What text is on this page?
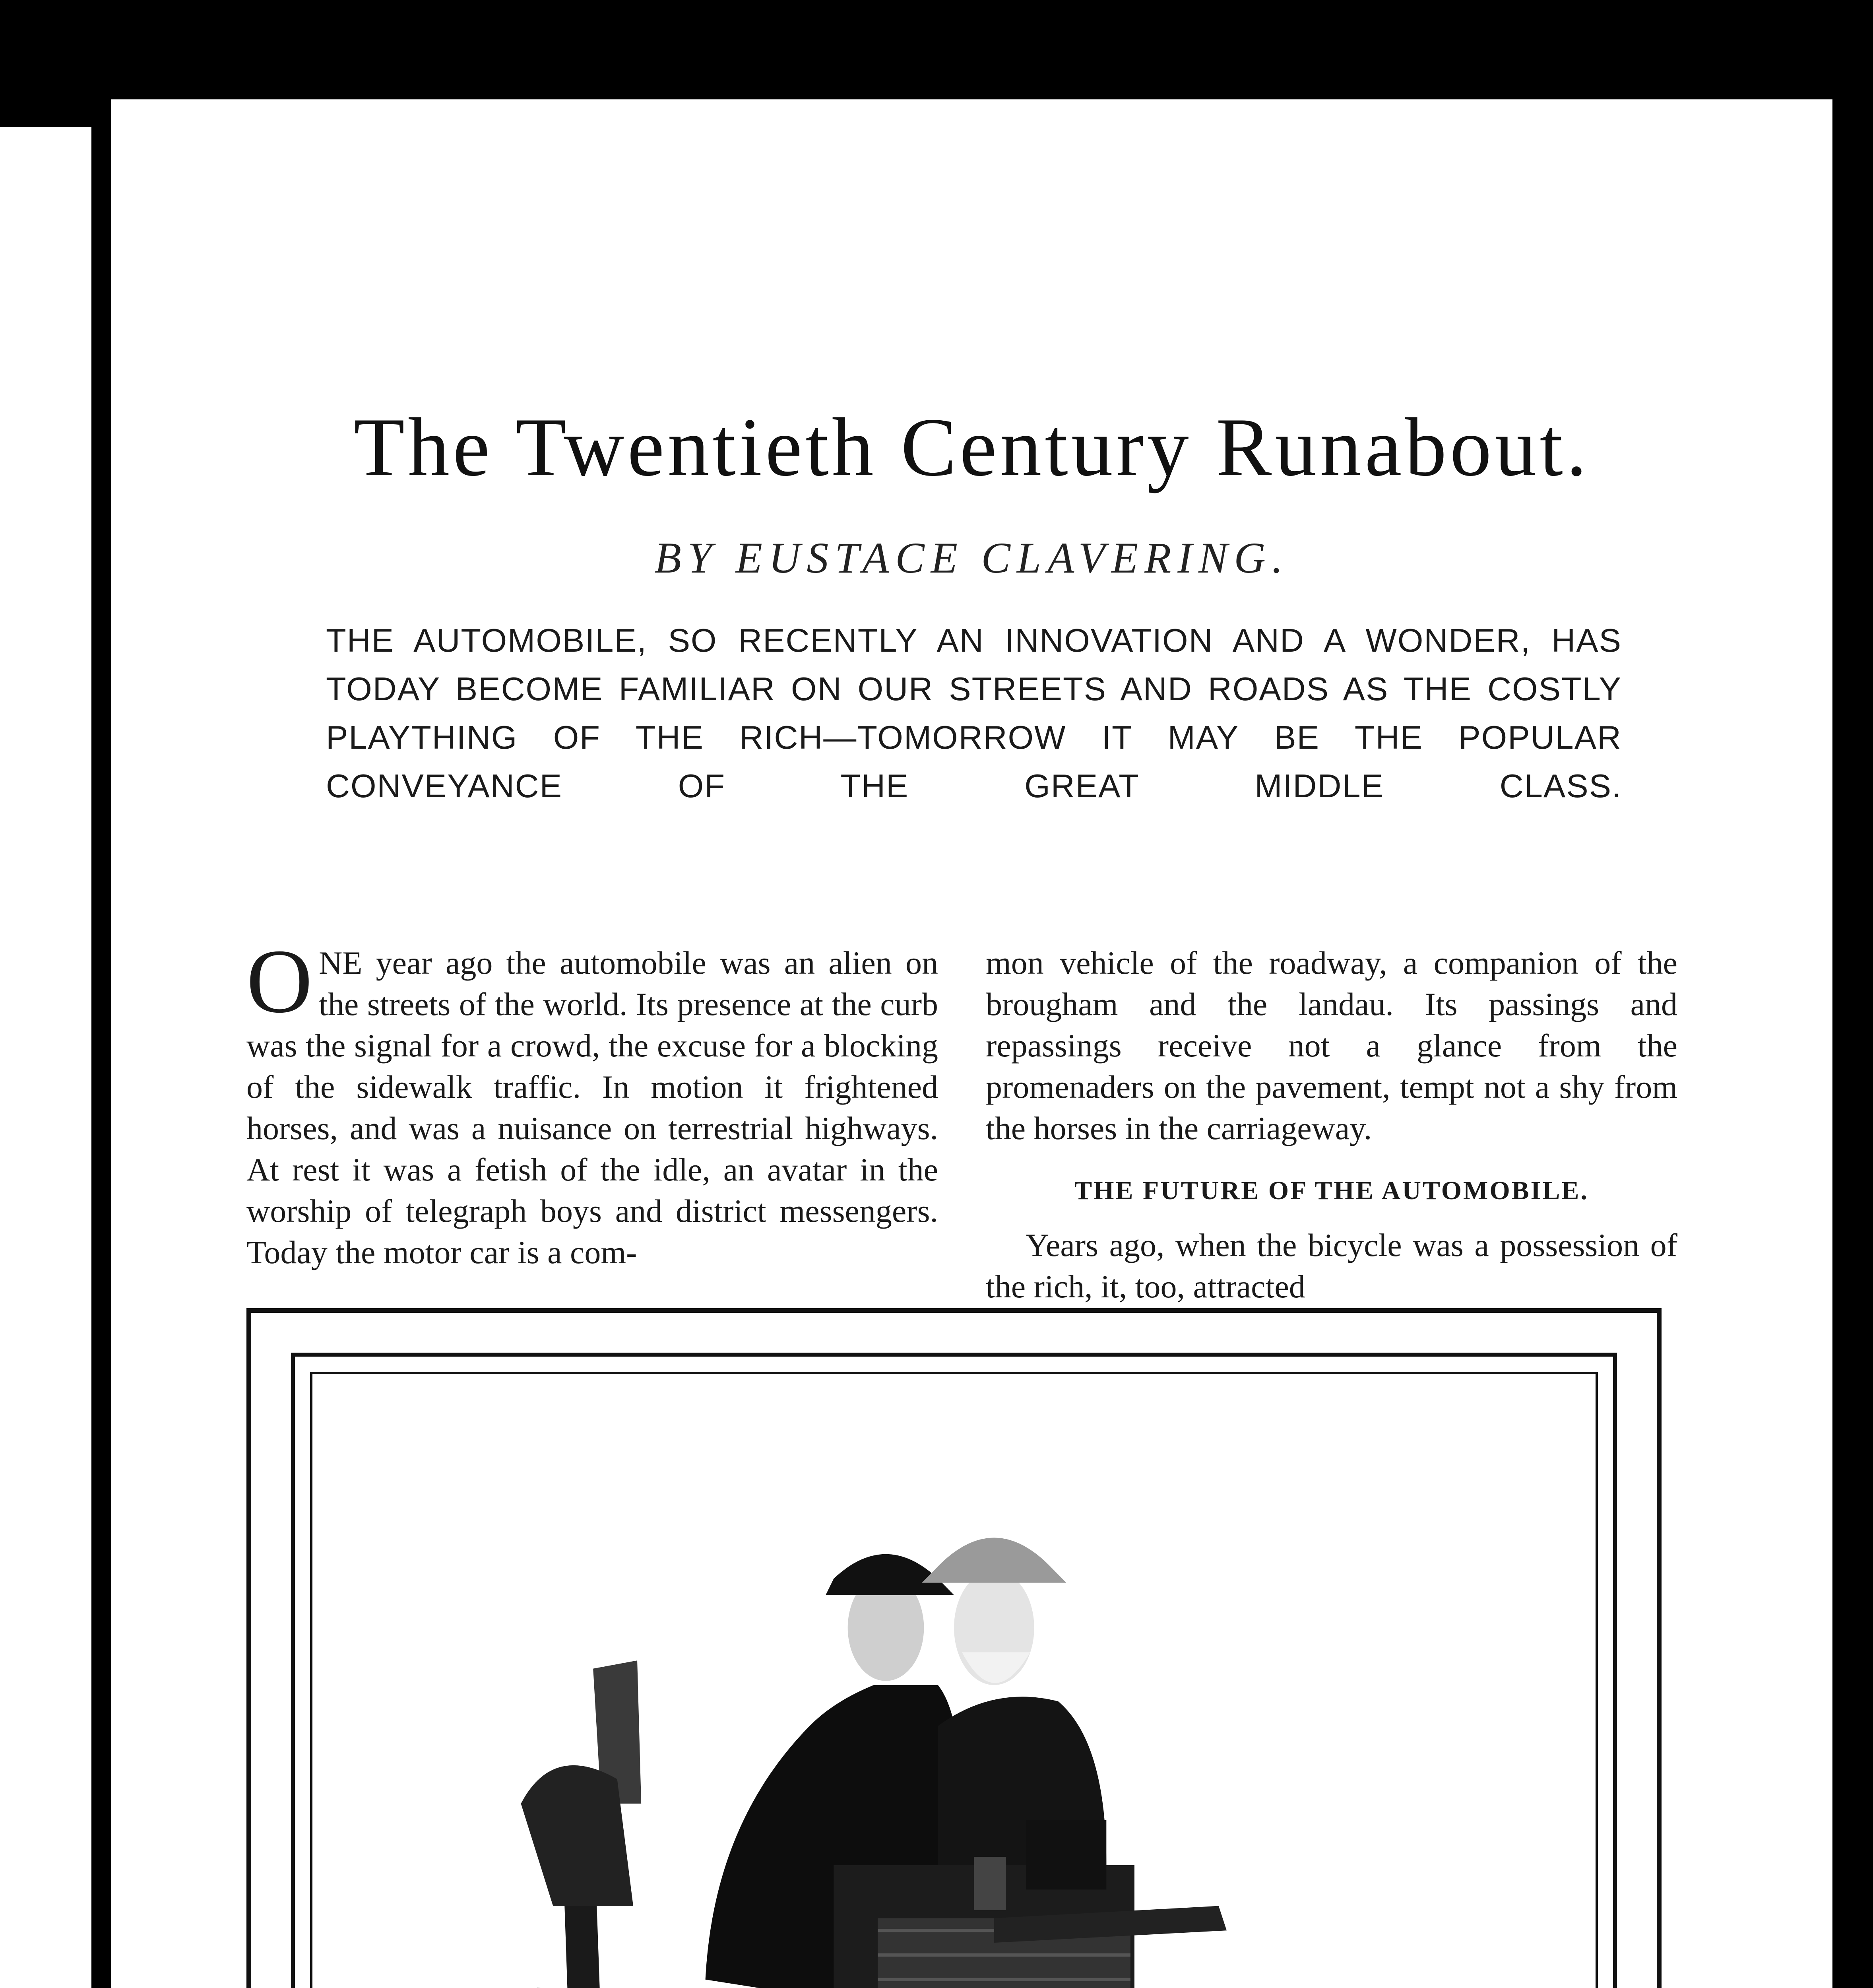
The Twentieth Century Runabout.
BY EUSTACE CLAVERING.
THE AUTOMOBILE, SO RECENTLY AN INNOVATION AND A WONDER, HAS TODAY BECOME FAMILIAR ON OUR STREETS AND ROADS AS THE COSTLY PLAYTHING OF THE RICH—TOMORROW IT MAY BE THE POPULAR CONVEYANCE OF THE GREAT MIDDLE CLASS.

ONE year ago the automobile was an alien on the streets of the world. Its presence at the curb was the signal for a crowd, the excuse for a blocking of the sidewalk traffic. In motion it frightened horses, and was a nuisance on terrestrial highways. At rest it was a fetish of the idle, an avatar in the worship of telegraph boys and district messengers. Today the motor car is a com-

mon vehicle of the roadway, a companion of the brougham and the landau. Its passings and repassings receive not a glance from the promenaders on the pavement, tempt not a shy from the horses in the carriageway.

THE FUTURE OF THE AUTOMOBILE.

Years ago, when the bicycle was a possession of the rich, it, too, attracted
